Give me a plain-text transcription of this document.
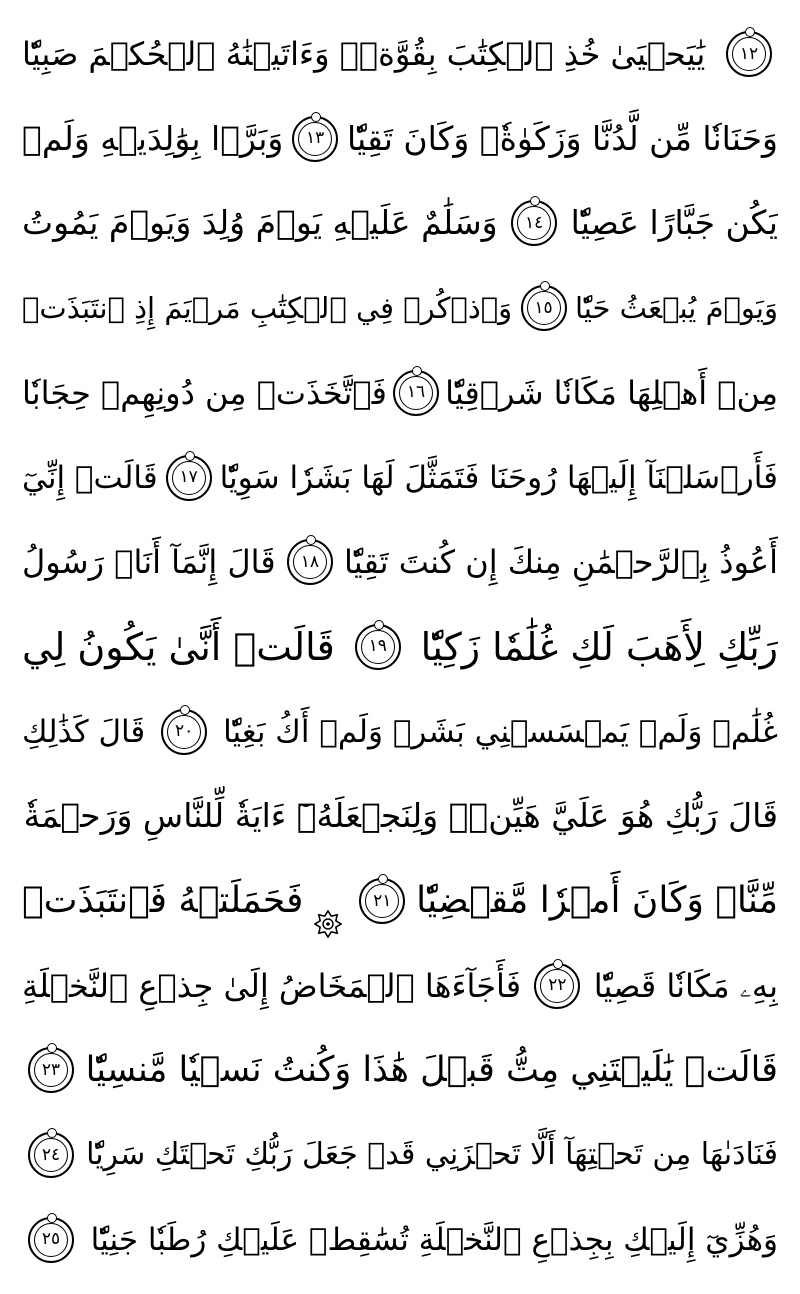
١٢
يَٰيَحۡيَىٰ خُذِ ٱلۡكِتَٰبَ بِقُوَّةٖۖ وَءَاتَيۡنَٰهُ ٱلۡحُكۡمَ صَبِيّٗا
وَحَنَانٗا مِّن لَّدُنَّا وَزَكَوٰةٗۖ وَكَانَ تَقِيّٗا
١٣
وَبَرَّۢا بِوَٰلِدَيۡهِ وَلَمۡ
يَكُن جَبَّارًا عَصِيّٗا
١٤
وَسَلَٰمٌ عَلَيۡهِ يَوۡمَ وُلِدَ وَيَوۡمَ يَمُوتُ
وَيَوۡمَ يُبۡعَثُ حَيّٗا
١٥
وَٱذۡكُرۡ فِي ٱلۡكِتَٰبِ مَرۡيَمَ إِذِ ٱنتَبَذَتۡ
مِنۡ أَهۡلِهَا مَكَانٗا شَرۡقِيّٗا
١٦
فَٱتَّخَذَتۡ مِن دُونِهِمۡ حِجَابٗا
فَأَرۡسَلۡنَآ إِلَيۡهَا رُوحَنَا فَتَمَثَّلَ لَهَا بَشَرٗا سَوِيّٗا
١٧
قَالَتۡ إِنِّيٓ
أَعُوذُ بِٱلرَّحۡمَٰنِ مِنكَ إِن كُنتَ تَقِيّٗا
١٨
قَالَ إِنَّمَآ أَنَا۠ رَسُولُ
رَبِّكِ لِأَهَبَ لَكِ غُلَٰمٗا زَكِيّٗا
١٩
قَالَتۡ أَنَّىٰ يَكُونُ لِي
غُلَٰمٞ وَلَمۡ يَمۡسَسۡنِي بَشَرٞ وَلَمۡ أَكُ بَغِيّٗا
٢٠
قَالَ كَذَٰلِكِ
قَالَ رَبُّكِ هُوَ عَلَيَّ هَيِّنٞۖ وَلِنَجۡعَلَهُۥٓ ءَايَةٗ لِّلنَّاسِ وَرَحۡمَةٗ
مِّنَّاۚ وَكَانَ أَمۡرٗا مَّقۡضِيّٗا
٢١
فَحَمَلَتۡهُ فَٱنتَبَذَتۡ
بِهِۦ مَكَانٗا قَصِيّٗا
٢٢
فَأَجَآءَهَا ٱلۡمَخَاضُ إِلَىٰ جِذۡعِ ٱلنَّخۡلَةِ
قَالَتۡ يَٰلَيۡتَنِي مِتُّ قَبۡلَ هَٰذَا وَكُنتُ نَسۡيٗا مَّنسِيّٗا
٢٣
فَنَادَىٰهَا مِن تَحۡتِهَآ أَلَّا تَحۡزَنِي قَدۡ جَعَلَ رَبُّكِ تَحۡتَكِ سَرِيّٗا
٢٤
وَهُزِّيٓ إِلَيۡكِ بِجِذۡعِ ٱلنَّخۡلَةِ تُسَٰقِطۡ عَلَيۡكِ رُطَبٗا جَنِيّٗا
٢٥
